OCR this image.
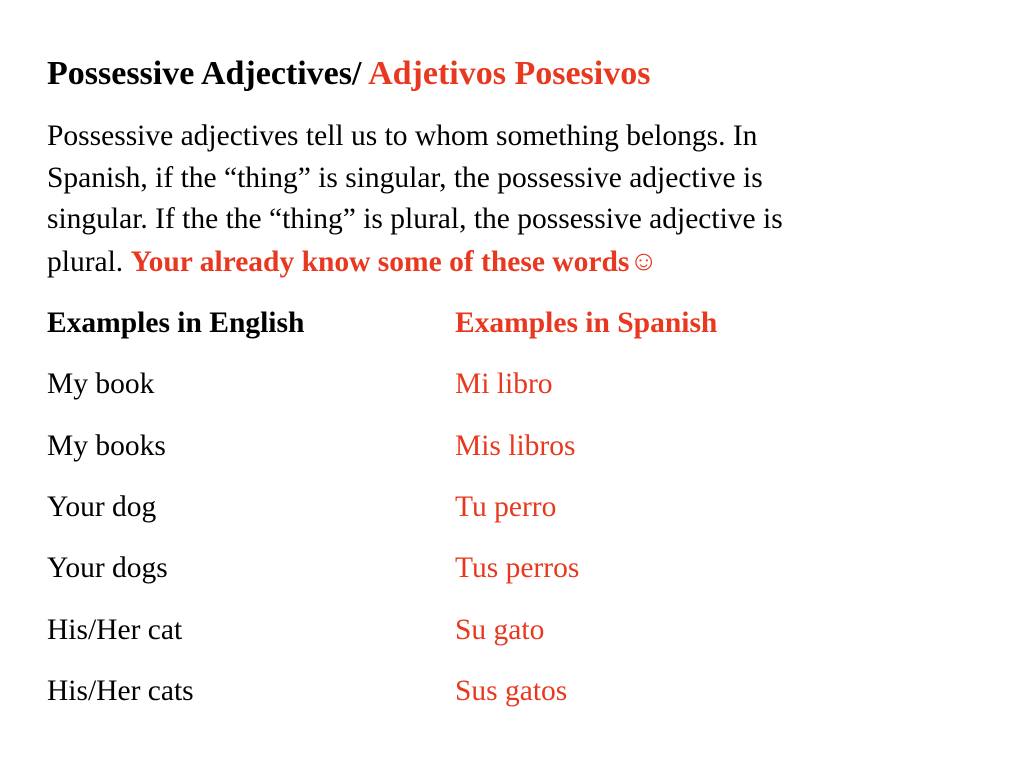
Possessive Adjectives/ Adjetivos Posesivos

Possessive adjectives tell us to whom something belongs. In
Spanish, if the “thing” is singular, the possessive adjective is
singular. If the the “thing” is plural, the possessive adjective is
plural. Your already know some of these words☺

Examples in English	Examples in Spanish
My book	Mi libro
My books	Mis libros
Your dog	Tu perro
Your dogs	Tus perros
His/Her cat	Su gato
His/Her cats	Sus gatos
